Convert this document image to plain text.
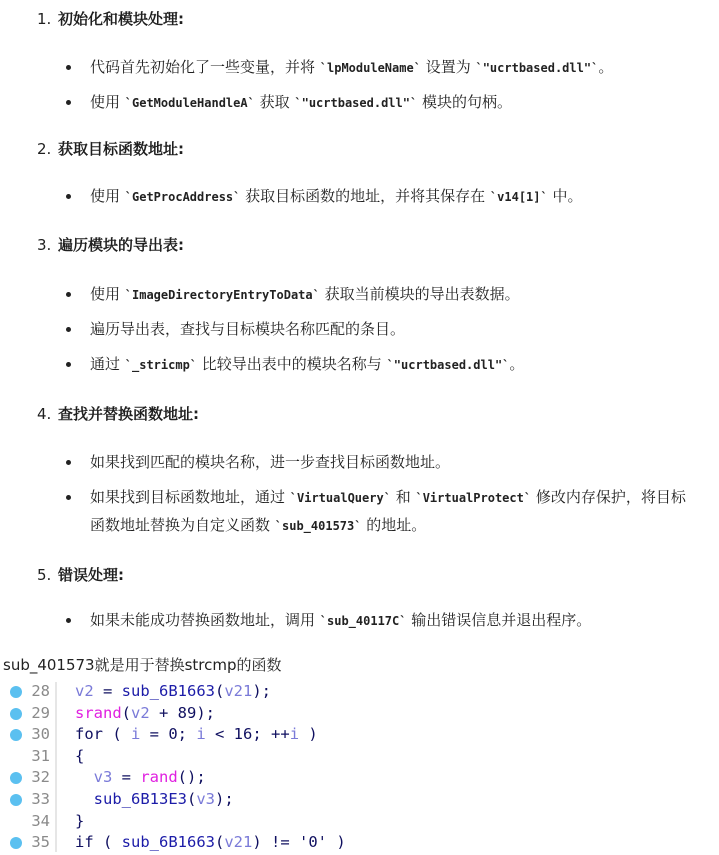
1. 初始化和模块处理:
代码首先初始化了一些变量，并将 `lpModuleName` 设置为 `"ucrtbased.dll"`。
使用 `GetModuleHandleA` 获取 `"ucrtbased.dll"` 模块的句柄。
2. 获取目标函数地址:
使用 `GetProcAddress` 获取目标函数的地址，并将其保存在 `v14[1]` 中。
3. 遍历模块的导出表:
使用 `ImageDirectoryEntryToData` 获取当前模块的导出表数据。
遍历导出表，查找与目标模块名称匹配的条目。
通过 `_stricmp` 比较导出表中的模块名称与 `"ucrtbased.dll"`。
4. 查找并替换函数地址:
如果找到匹配的模块名称，进一步查找目标函数地址。
如果找到目标函数地址，通过 `VirtualQuery` 和 `VirtualProtect` 修改内存保护，将目标
函数地址替换为自定义函数 `sub_401573` 的地址。
5. 错误处理:
如果未能成功替换函数地址，调用 `sub_40117C` 输出错误信息并退出程序。
sub_401573就是用于替换strcmp的函数
28 v2 = sub_6B1663(v21);
29 srand(v2 + 89);
30 for ( i = 0; i < 16; ++i )
31 {
32	v3 = rand();
33	sub_6B13E3(v3);
34 }
35 if ( sub_6B1663(v21) != '0' )
